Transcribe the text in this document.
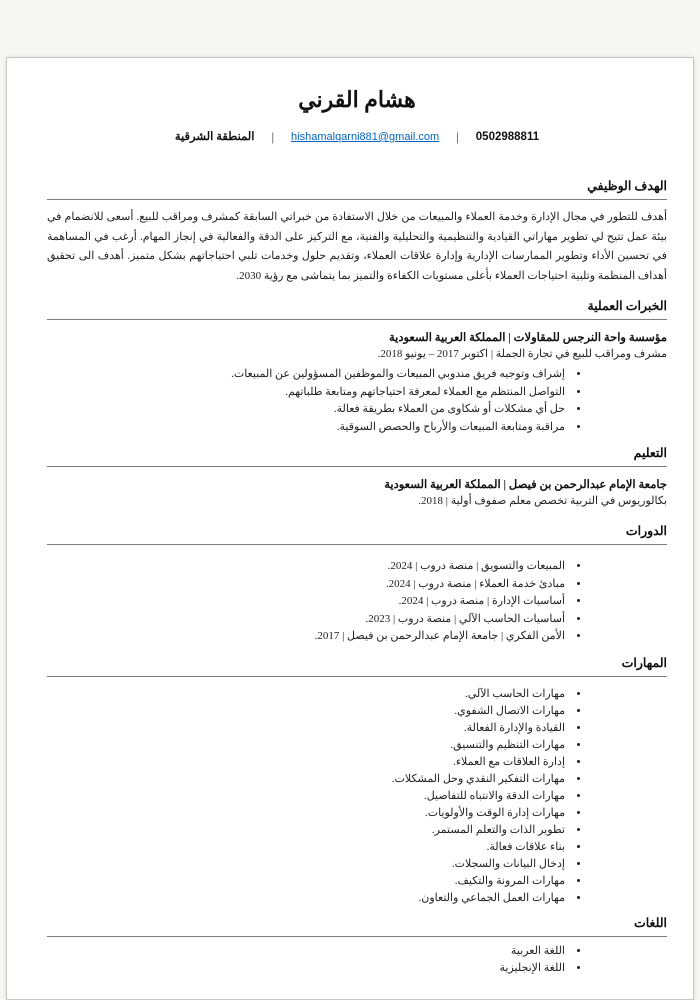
هشام القرني
0502988811
|
hishamalqarni881@gmail.com
|
المنطقة الشرقية
الهدف الوظيفي
أهدف للتطور في مجال الإدارة وخدمة العملاء والمبيعات من خلال الاستفادة من خبراتي السابقة كمشرف ومراقب للبيع. أسعى للانضمام في بيئة عمل تتيح لي تطوير مهاراتي القيادية والتنظيمية والتحليلية والفنية، مع التركيز على الدقة والفعالية في إنجاز المهام. أرغب في المساهمة في تحسين الأداء وتطوير الممارسات الإدارية وإدارة علاقات العملاء، وتقديم حلول وخدمات تلبي احتياجاتهم بشكل متميز. أهدف الى تحقيق أهداف المنظمة وتلبية احتياجات العملاء بأعلى مستويات الكفاءة والتميز بما يتماشى مع رؤية 2030.
الخبرات العملية
مؤسسة واحة النرجس للمقاولات | المملكة العربية السعودية
مشرف ومراقب للبيع في تجارة الجملة | اكتوبر 2017 – يونيو 2018.
• إشراف وتوجيه فريق مندوبي المبيعات والموظفين المسؤولين عن المبيعات.
• التواصل المنتظم مع العملاء لمعرفة احتياجاتهم ومتابعة طلباتهم.
• حل أي مشكلات أو شكاوى من العملاء بطريقة فعالة.
• مراقبة ومتابعة المبيعات والأرباح والحصص السوقية.
التعليم
جامعة الإمام عبدالرحمن بن فيصل | المملكة العربية السعودية
بكالوريوس في التربية تخصص معلم صفوف أولية | 2018.
الدورات
• المبيعات والتسويق | منصة دروب | 2024.
• مبادئ خدمة العملاء | منصة دروب | 2024.
• أساسيات الإدارة | منصة دروب | 2024.
• أساسيات الحاسب الآلي | منصة دروب | 2023.
• الأمن الفكري | جامعة الإمام عبدالرحمن بن فيصل | 2017.
المهارات
• مهارات الحاسب الآلي.
• مهارات الاتصال الشفوي.
• القيادة والإدارة الفعالة.
• مهارات التنظيم والتنسيق.
• إدارة العلاقات مع العملاء.
• مهارات التفكير النقدي وحل المشكلات.
• مهارات الدقة والانتباه للتفاصيل.
• مهارات إدارة الوقت والأولويات.
• تطوير الذات والتعلم المستمر.
• بناء علاقات فعالة.
• إدخال البيانات والسجلات.
• مهارات المرونة والتكيف.
• مهارات العمل الجماعي والتعاون.
اللغات
• اللغة العربية
• اللغة الإنجليزية
